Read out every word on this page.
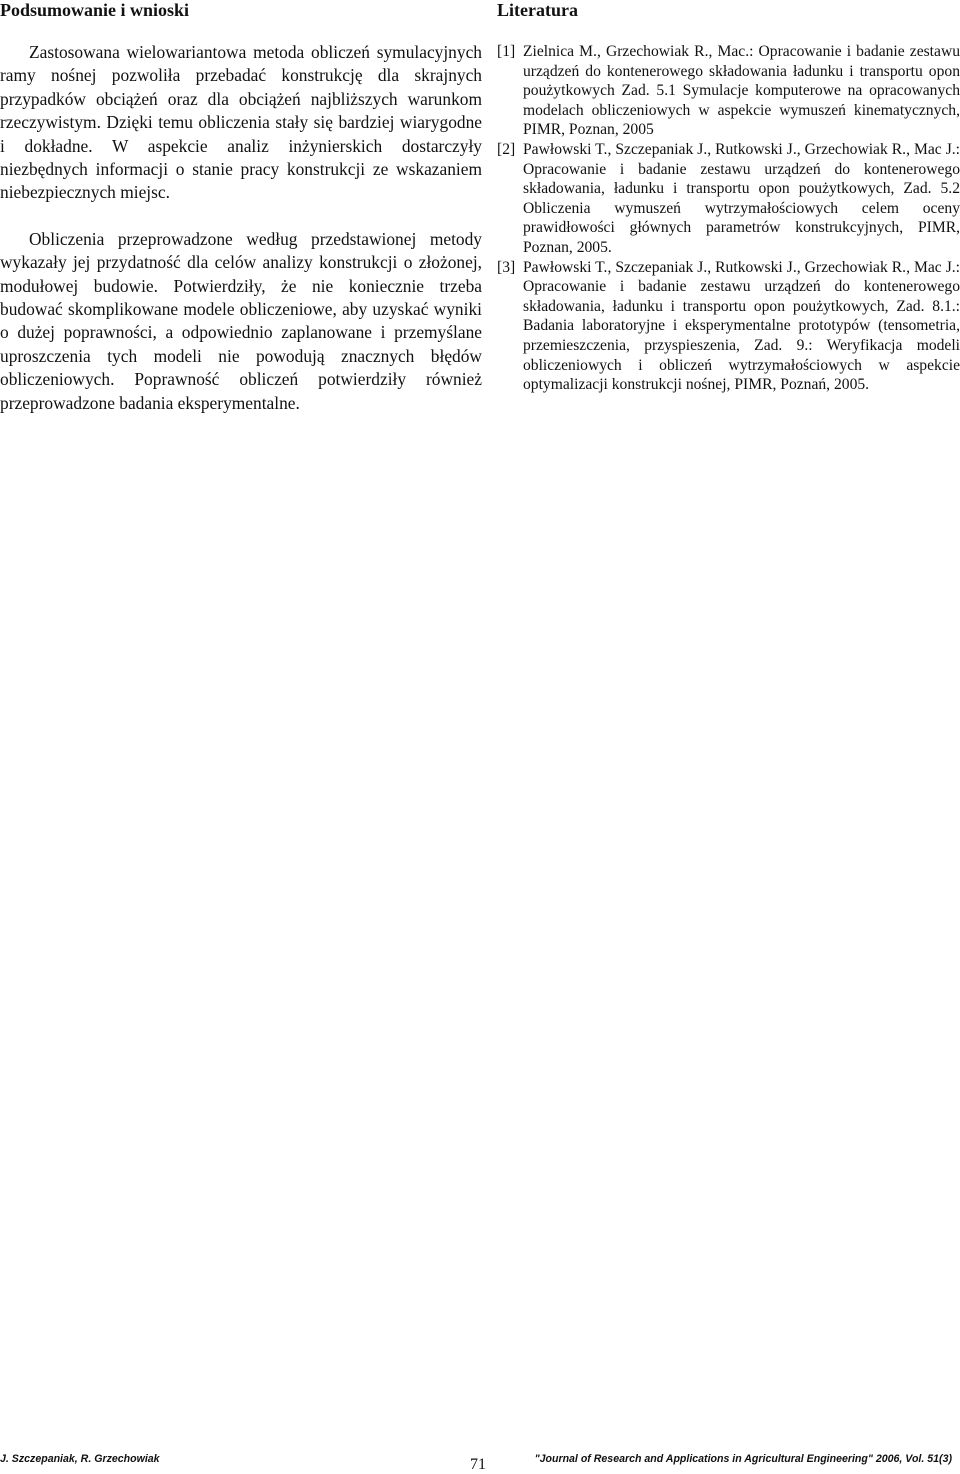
Podsumowanie i wnioski

Zastosowana wielowariantowa metoda obliczeń symulacyjnych ramy nośnej pozwoliła przebadać konstrukcję dla skrajnych przypadków obciążeń oraz dla obciążeń najbliższych warunkom rzeczywistym. Dzięki temu obliczenia stały się bardziej wiarygodne i dokładne. W aspekcie analiz inżynierskich dostarczyły niezbędnych informacji o stanie pracy konstrukcji ze wskazaniem niebezpiecznych miejsc.

Obliczenia przeprowadzone według przedstawionej metody wykazały jej przydatność dla celów analizy konstrukcji o złożonej, modułowej budowie. Potwierdziły, że nie koniecznie trzeba budować skomplikowane modele obliczeniowe, aby uzyskać wyniki o dużej poprawności, a odpowiednio zaplanowane i przemyślane uproszczenia tych modeli nie powodują znacznych błędów obliczeniowych. Poprawność obliczeń potwierdziły również przeprowadzone badania eksperymentalne.

Literatura
[1] Zielnica M., Grzechowiak R., Mac.: Opracowanie i badanie zestawu urządzeń do kontenerowego składowania ładunku i transportu opon poużytkowych Zad. 5.1 Symulacje komputerowe na opracowanych modelach obliczeniowych w aspekcie wymuszeń kinematycznych, PIMR, Poznan, 2005
[2] Pawłowski T., Szczepaniak J., Rutkowski J., Grzechowiak R., Mac J.: Opracowanie i badanie zestawu urządzeń do kontenerowego składowania, ładunku i transportu opon poużytkowych, Zad. 5.2 Obliczenia wymuszeń wytrzymałościowych celem oceny prawidłowości głównych parametrów konstrukcyjnych, PIMR, Poznan, 2005.
[3] Pawłowski T., Szczepaniak J., Rutkowski J., Grzechowiak R., Mac J.: Opracowanie i badanie zestawu urządzeń do kontenerowego składowania, ładunku i transportu opon poużytkowych, Zad. 8.1.: Badania laboratoryjne i eksperymentalne prototypów (tensometria, przemieszczenia, przyspieszenia, Zad. 9.: Weryfikacja modeli obliczeniowych i obliczeń wytrzymałościowych w aspekcie optymalizacji konstrukcji nośnej, PIMR, Poznań, 2005.
J. Szczepaniak, R. Grzechowiak	71	"Journal of Research and Applications in Agricultural Engineering" 2006, Vol. 51(3)
